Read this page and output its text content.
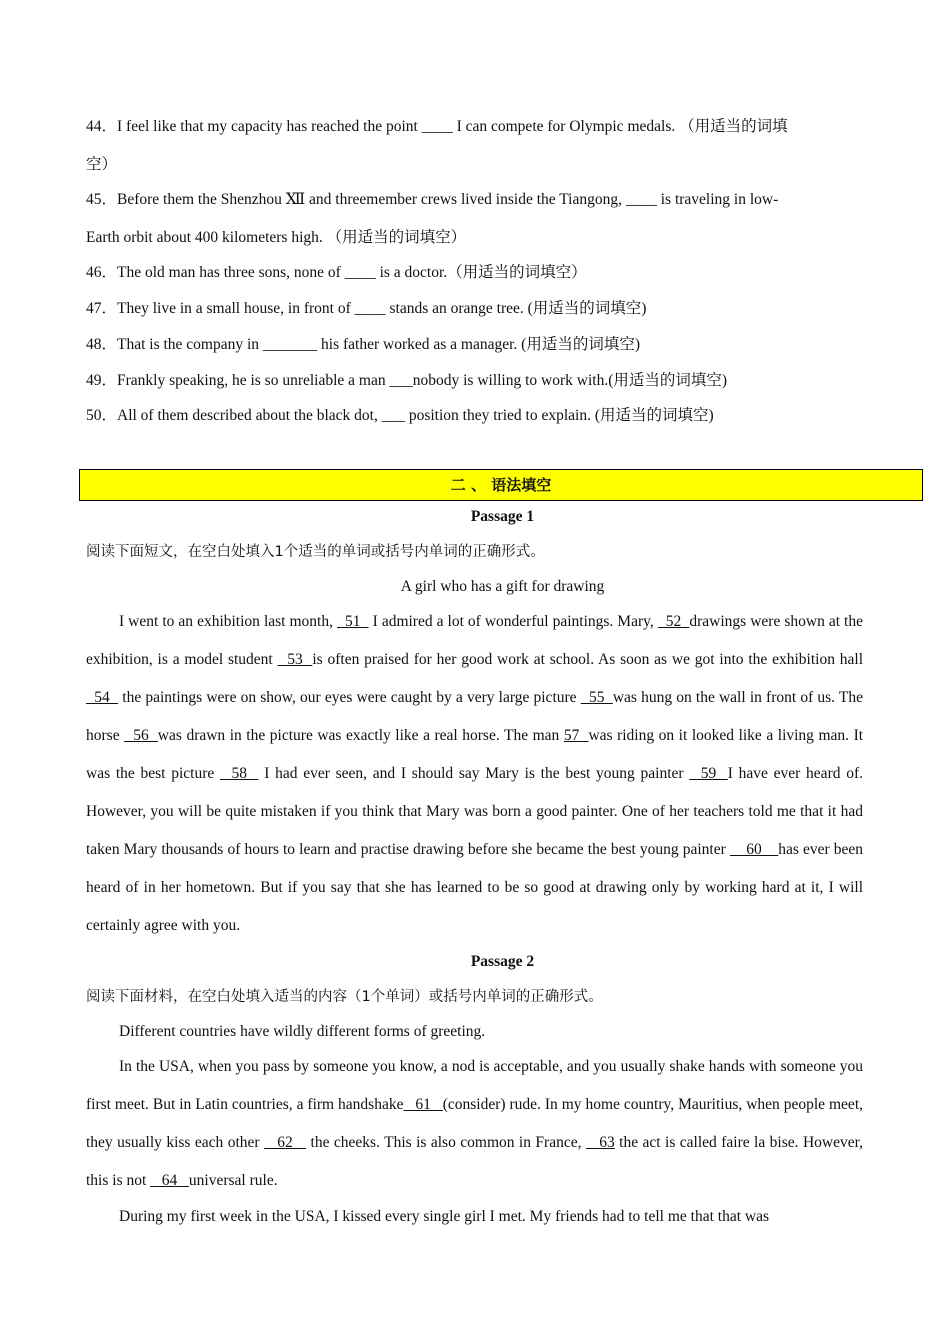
44．I feel like that my capacity has reached the point ____ I can compete for Olympic medals. （用适当的词填
空）
45．Before them the Shenzhou Ⅻ and threemember crews lived inside the Tiangong, ____ is traveling in low-
Earth orbit about 400 kilometers high. （用适当的词填空）
46．The old man has three sons, none of ____ is a doctor.（用适当的词填空）
47．They live in a small house, in front of ____ stands an orange tree. (用适当的词填空)
48．That is the company in _______ his father worked as a manager. (用适当的词填空)
49．Frankly speaking, he is so unreliable a man ___nobody is willing to work with.(用适当的词填空)
50．All of them described about the black dot, ___ position they tried to explain. (用适当的词填空)
二 、 语法填空
Passage 1
阅读下面短文，在空白处填入1个适当的单词或括号内单词的正确形式。
A girl who has a gift for drawing
I went to an exhibition last month,   51   I admired a lot of wonderful paintings. Mary,   52  drawings were shown at the exhibition, is a model student   53  is often praised for her good work at school. As soon as we got into the exhibition hall   54   the paintings were on show, our eyes were caught by a very large picture   55  was hung on the wall in front of us. The horse   56  was drawn in the picture was exactly like a real horse. The man 57  was riding on it looked like a living man. It was the best picture   58   I had ever seen, and I should say Mary is the best young painter   59  I have ever heard of. However, you will be quite mistaken if you think that Mary was born a good painter. One of her teachers told me that it had taken Mary thousands of hours to learn and practise drawing before she became the best young painter     60    has ever been heard of in her hometown. But if you say that she has learned to be so good at drawing only by working hard at it, I will certainly agree with you.
Passage 2
阅读下面材料，在空白处填入适当的内容（1个单词）或括号内单词的正确形式。
Different countries have wildly different forms of greeting.
In the USA, when you pass by someone you know, a nod is acceptable, and you usually shake hands with someone you first meet. But in Latin countries, a firm handshake   61   (consider) rude. In my home country, Mauritius, when people meet, they usually kiss each other    62    the cheeks. This is also common in France,    63 the act is called faire la bise. However, this is not    64   universal rule.
During my first week in the USA, I kissed every single girl I met. My friends had to tell me that that was
